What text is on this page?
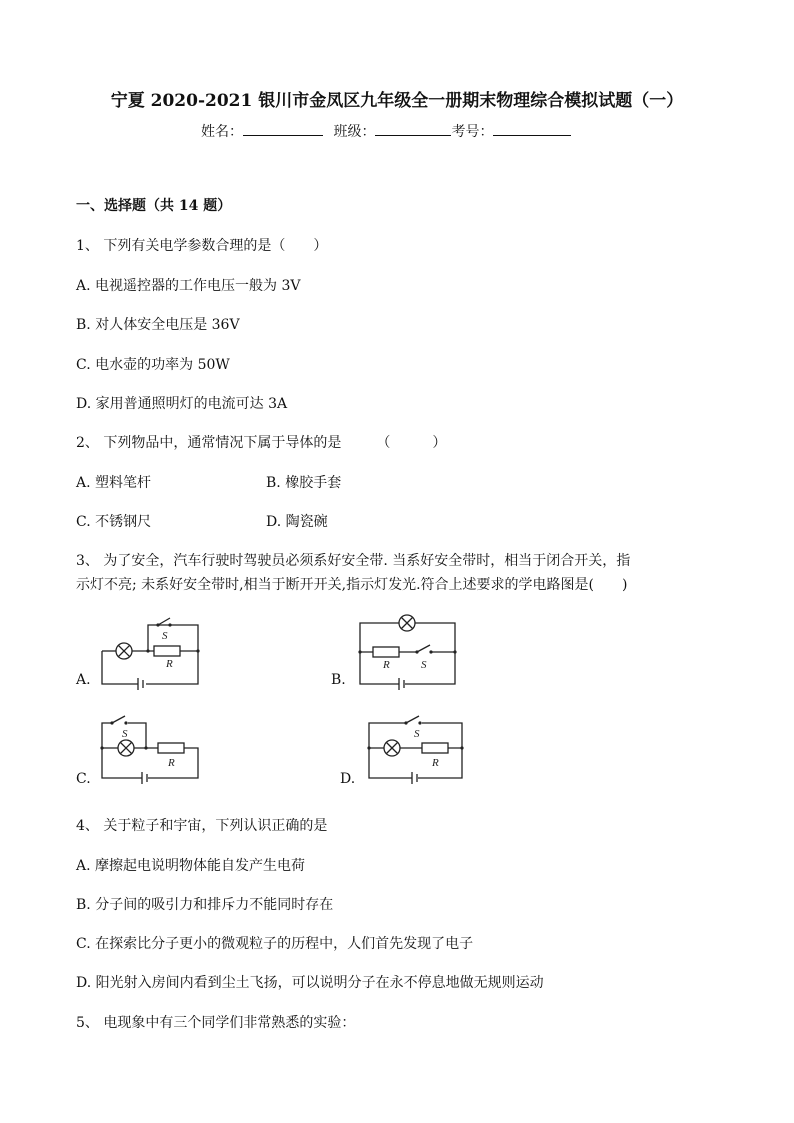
宁夏 2020-2021 银川市金凤区九年级全一册期末物理综合模拟试题（一）
姓名：	班级：	考号：
一、选择题（共 14 题）
1、 下列有关电学参数合理的是（　　）
A. 电视遥控器的工作电压一般为 3V
B. 对人体安全电压是 36V
C. 电水壶的功率为 50W
D. 家用普通照明灯的电流可达 3A
2、 下列物品中，通常情况下属于导体的是　　　（　　　）
A. 塑料笔杆	B. 橡胶手套
C. 不锈钢尺	D. 陶瓷碗
3、 为了安全，汽车行驶时驾驶员必须系好安全带. 当系好安全带时，相当于闭合开关，指
示灯不亮; 未系好安全带时,相当于断开开关,指示灯发光.符合上述要求的学电路图是(　　)
A.	B.
C.	D.
S
R	R	S
S
R
S
R
4、 关于粒子和宇宙，下列认识正确的是
A. 摩擦起电说明物体能自发产生电荷
B. 分子间的吸引力和排斥力不能同时存在
C. 在探索比分子更小的微观粒子的历程中，人们首先发现了电子
D. 阳光射入房间内看到尘土飞扬，可以说明分子在永不停息地做无规则运动
5、 电现象中有三个同学们非常熟悉的实验：
